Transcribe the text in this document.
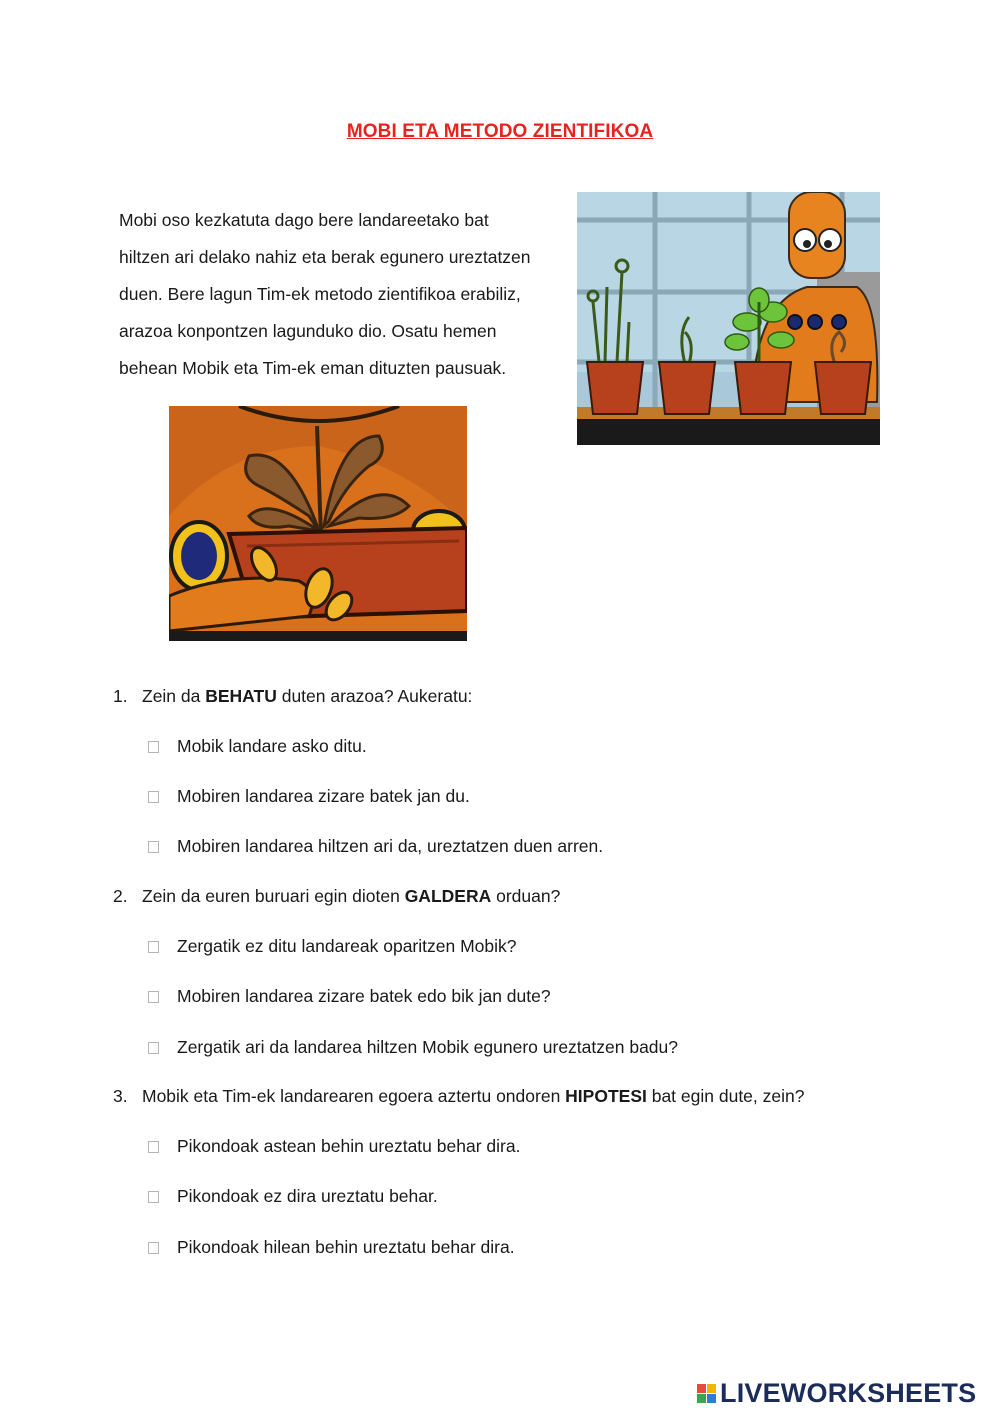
MOBI ETA METODO ZIENTIFIKOA

Mobi oso kezkatuta dago bere landareetako bat

hiltzen ari delako nahiz eta berak egunero ureztatzen

duen. Bere lagun Tim-ek metodo zientifikoa erabiliz,

arazoa konpontzen lagunduko dio. Osatu hemen

behean Mobik eta Tim-ek eman dituzten pausuak.

1. Zein da BEHATU duten arazoa? Aukeratu:
Mobik landare asko ditu.
Mobiren landarea zizare batek jan du.
Mobiren landarea hiltzen ari da, ureztatzen duen arren.
2. Zein da euren buruari egin dioten GALDERA orduan?
Zergatik ez ditu landareak oparitzen Mobik?
Mobiren landarea zizare batek edo bik jan dute?
Zergatik ari da landarea hiltzen Mobik egunero ureztatzen badu?
3. Mobik eta Tim-ek landarearen egoera aztertu ondoren HIPOTESI bat egin dute, zein?
Pikondoak astean behin ureztatu behar dira.
Pikondoak ez dira ureztatu behar.
Pikondoak hilean behin ureztatu behar dira.
LIVEWORKSHEETS
